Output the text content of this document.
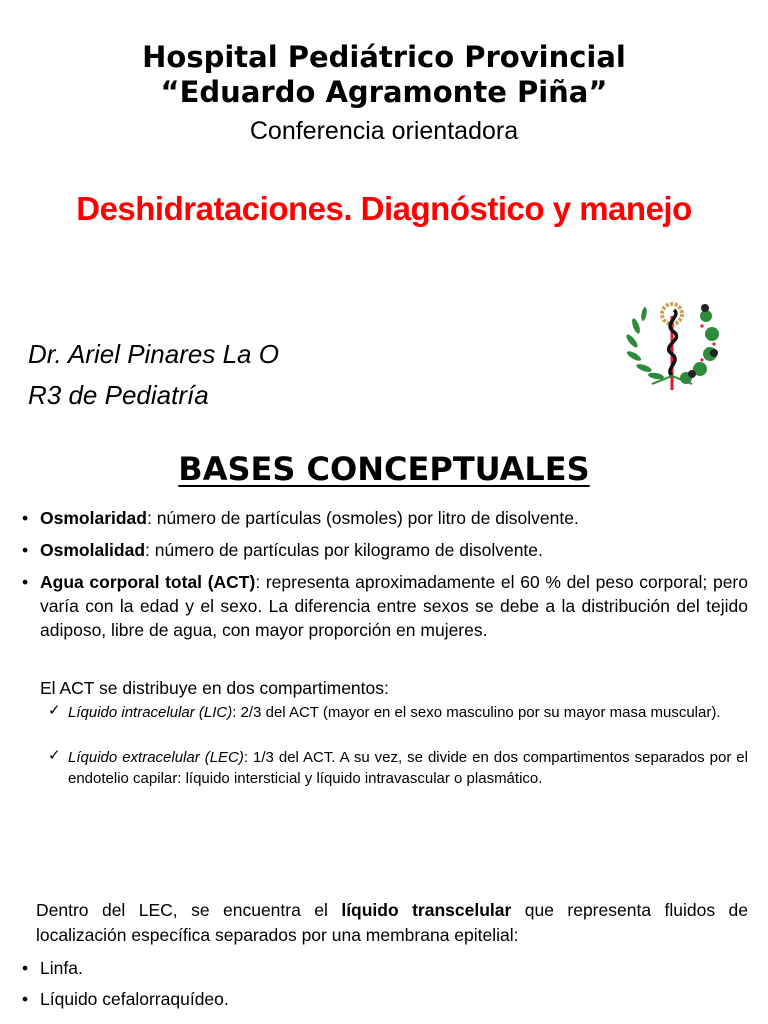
Hospital Pediátrico Provincial
“Eduardo Agramonte Piña”
Conferencia orientadora
Deshidrataciones. Diagnóstico y manejo
Dr. Ariel Pinares La O
R3 de Pediatría
BASES CONCEPTUALES
• Osmolaridad: número de partículas (osmoles) por litro de disolvente.
• Osmolalidad: número de partículas por kilogramo de disolvente.
• Agua corporal total (ACT): representa aproximadamente el 60 % del peso corporal; pero varía con la edad y el sexo. La diferencia entre sexos se debe a la distribución del tejido adiposo, libre de agua, con mayor proporción en mujeres.
El ACT se distribuye en dos compartimentos:
✓ Líquido intracelular (LIC): 2/3 del ACT (mayor en el sexo masculino por su mayor masa muscular).
✓ Líquido extracelular (LEC): 1/3 del ACT. A su vez, se divide en dos compartimentos separados por el endotelio capilar: líquido intersticial y líquido intravascular o plasmático.
Dentro del LEC, se encuentra el líquido transcelular que representa fluidos de localización específica separados por una membrana epitelial:
• Linfa.
• Líquido cefalorraquídeo.
